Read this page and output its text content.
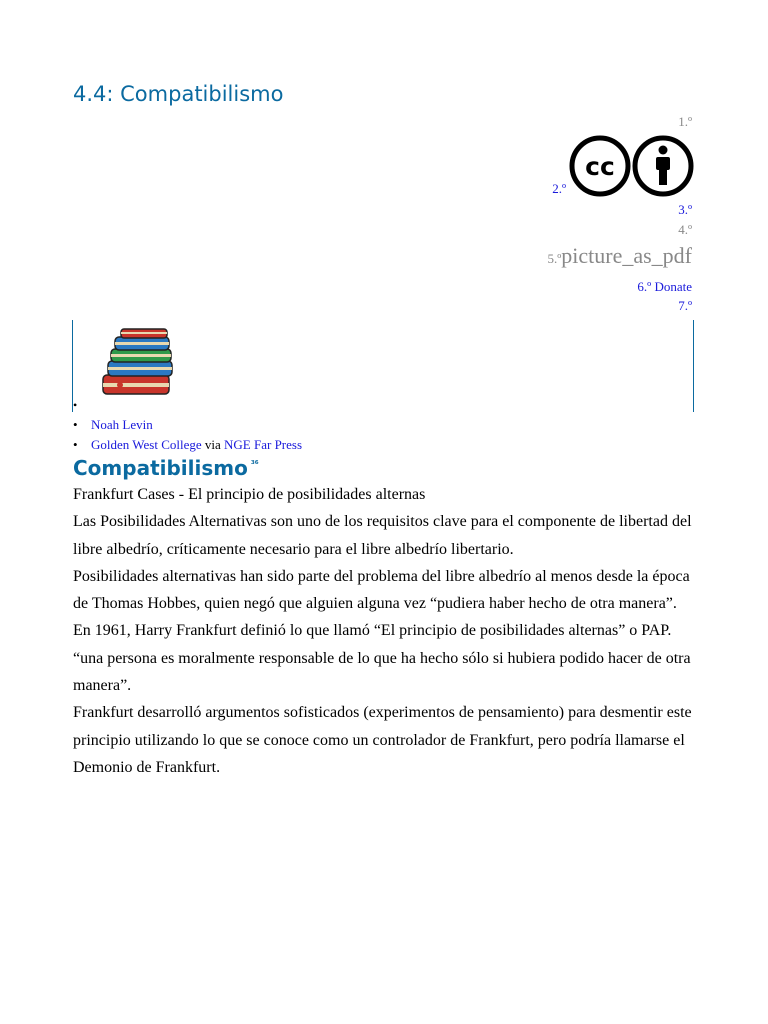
4.4: Compatibilismo
1.º
2.º
cc
3.º
4.º
5.ºpicture_as_pdf
6.º Donate
7.º
•
• Noah Levin
• Golden West College via NGE Far Press
Compatibilismo $^{^{36}}$

Frankfurt Cases - El principio de posibilidades alternas

Las Posibilidades Alternativas son uno de los requisitos clave para el componente de libertad del libre albedrío, críticamente necesario para el libre albedrío libertario.

Posibilidades alternativas han sido parte del problema del libre albedrío al menos desde la época de Thomas Hobbes, quien negó que alguien alguna vez “pudiera haber hecho de otra manera”.

En 1961, Harry Frankfurt definió lo que llamó “El principio de posibilidades alternas” o PAP.

“una persona es moralmente responsable de lo que ha hecho sólo si hubiera podido hacer de otra manera”.

Frankfurt desarrolló argumentos sofisticados (experimentos de pensamiento) para desmentir este principio utilizando lo que se conoce como un controlador de Frankfurt, pero podría llamarse el Demonio de Frankfurt.
